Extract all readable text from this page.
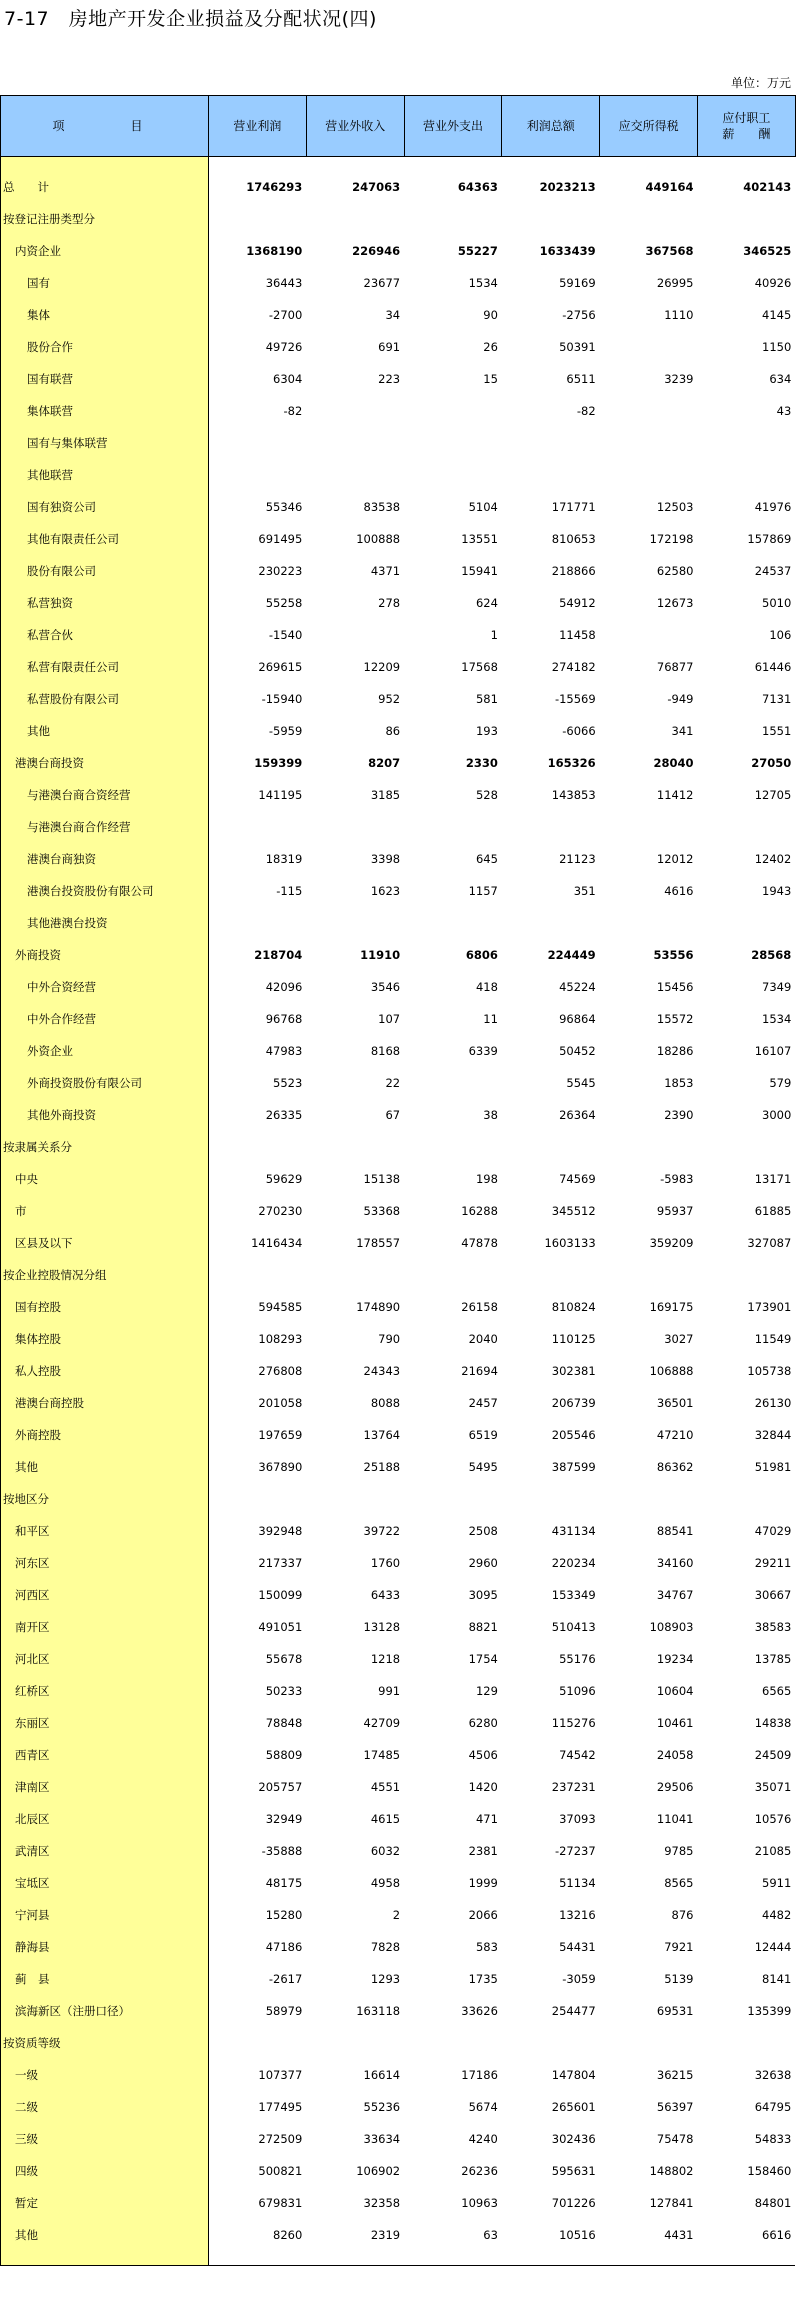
7-17　房地产开发企业损益及分配状况(四)
单位：万元
项　　目	营业利润	营业外收入	营业外支出	利润总额	应交所得税	应付职工
薪　　酬

总　　计	1746293	247063	64363	2023213	449164	402143
按登记注册类型分						
内资企业	1368190	226946	55227	1633439	367568	346525
国有	36443	23677	1534	59169	26995	40926
集体	-2700	34	90	-2756	1110	4145
股份合作	49726	691	26	50391		1150
国有联营	6304	223	15	6511	3239	634
集体联营	-82			-82		43
国有与集体联营						
其他联营						
国有独资公司	55346	83538	5104	171771	12503	41976
其他有限责任公司	691495	100888	13551	810653	172198	157869
股份有限公司	230223	4371	15941	218866	62580	24537
私营独资	55258	278	624	54912	12673	5010
私营合伙	-1540		1	11458		106
私营有限责任公司	269615	12209	17568	274182	76877	61446
私营股份有限公司	-15940	952	581	-15569	-949	7131
其他	-5959	86	193	-6066	341	1551
港澳台商投资	159399	8207	2330	165326	28040	27050
与港澳台商合资经营	141195	3185	528	143853	11412	12705
与港澳台商合作经营						
港澳台商独资	18319	3398	645	21123	12012	12402
港澳台投资股份有限公司	-115	1623	1157	351	4616	1943
其他港澳台投资						
外商投资	218704	11910	6806	224449	53556	28568
中外合资经营	42096	3546	418	45224	15456	7349
中外合作经营	96768	107	11	96864	15572	1534
外资企业	47983	8168	6339	50452	18286	16107
外商投资股份有限公司	5523	22		5545	1853	579
其他外商投资	26335	67	38	26364	2390	3000
按隶属关系分						
中央	59629	15138	198	74569	-5983	13171
市	270230	53368	16288	345512	95937	61885
区县及以下	1416434	178557	47878	1603133	359209	327087
按企业控股情况分组						
国有控股	594585	174890	26158	810824	169175	173901
集体控股	108293	790	2040	110125	3027	11549
私人控股	276808	24343	21694	302381	106888	105738
港澳台商控股	201058	8088	2457	206739	36501	26130
外商控股	197659	13764	6519	205546	47210	32844
其他	367890	25188	5495	387599	86362	51981
按地区分						
和平区	392948	39722	2508	431134	88541	47029
河东区	217337	1760	2960	220234	34160	29211
河西区	150099	6433	3095	153349	34767	30667
南开区	491051	13128	8821	510413	108903	38583
河北区	55678	1218	1754	55176	19234	13785
红桥区	50233	991	129	51096	10604	6565
东丽区	78848	42709	6280	115276	10461	14838
西青区	58809	17485	4506	74542	24058	24509
津南区	205757	4551	1420	237231	29506	35071
北辰区	32949	4615	471	37093	11041	10576
武清区	-35888	6032	2381	-27237	9785	21085
宝坻区	48175	4958	1999	51134	8565	5911
宁河县	15280	2	2066	13216	876	4482
静海县	47186	7828	583	54431	7921	12444
蓟　县	-2617	1293	1735	-3059	5139	8141
滨海新区（注册口径）	58979	163118	33626	254477	69531	135399
按资质等级						
一级	107377	16614	17186	147804	36215	32638
二级	177495	55236	5674	265601	56397	64795
三级	272509	33634	4240	302436	75478	54833
四级	500821	106902	26236	595631	148802	158460
暂定	679831	32358	10963	701226	127841	84801
其他	8260	2319	63	10516	4431	6616
